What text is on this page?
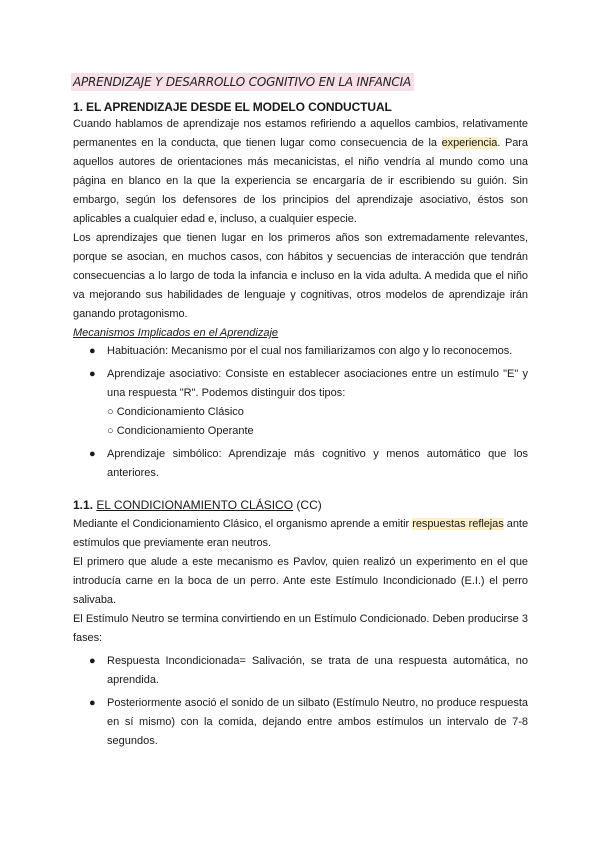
APRENDIZAJE Y DESARROLLO COGNITIVO EN LA INFANCIA
1. EL APRENDIZAJE DESDE EL MODELO CONDUCTUAL

Cuando hablamos de aprendizaje nos estamos refiriendo a aquellos cambios, relativamente permanentes en la conducta, que tienen lugar como consecuencia de la experiencia. Para aquellos autores de orientaciones más mecanicistas, el niño vendría al mundo como una página en blanco en la que la experiencia se encargaría de ir escribiendo su guión. Sin embargo, según los defensores de los principios del aprendizaje asociativo, éstos son aplicables a cualquier edad e, incluso, a cualquier especie.

Los aprendizajes que tienen lugar en los primeros años son extremadamente relevantes, porque se asocian, en muchos casos, con hábitos y secuencias de interacción que tendrán consecuencias a lo largo de toda la infancia e incluso en la vida adulta. A medida que el niño va mejorando sus habilidades de lenguaje y cognitivas, otros modelos de aprendizaje irán ganando protagonismo.

Mecanismos Implicados en el Aprendizaje
● Habituación: Mecanismo por el cual nos familiarizamos con algo y lo reconocemos.
● Aprendizaje asociativo: Consiste en establecer asociaciones entre un estímulo "E" y una respuesta "R". Podemos distinguir dos tipos:
○ Condicionamiento Clásico
○ Condicionamiento Operante
● Aprendizaje simbólico: Aprendizaje más cognitivo y menos automático que los anteriores.
1.1. EL CONDICIONAMIENTO CLÁSICO (CC)

Mediante el Condicionamiento Clásico, el organismo aprende a emitir respuestas reflejas ante estímulos que previamente eran neutros.

El primero que alude a este mecanismo es Pavlov, quien realizó un experimento en el que introducía carne en la boca de un perro. Ante este Estímulo Incondicionado (E.I.) el perro salivaba.

El Estímulo Neutro se termina convirtiendo en un Estímulo Condicionado. Deben producirse 3 fases:

● Respuesta Incondicionada= Salivación, se trata de una respuesta automática, no aprendida.
● Posteriormente asoció el sonido de un silbato (Estímulo Neutro, no produce respuesta en sí mismo) con la comida, dejando entre ambos estímulos un intervalo de 7-8 segundos.
